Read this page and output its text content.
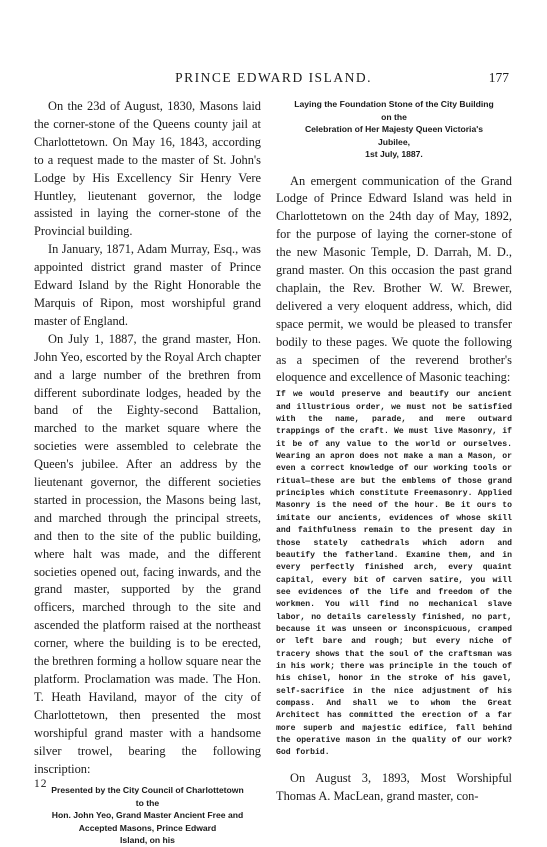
PRINCE EDWARD ISLAND.	177

On the 23d of August, 1830, Masons laid the corner-stone of the Queens county jail at Charlottetown. On May 16, 1843, according to a request made to the master of St. John's Lodge by His Excellency Sir Henry Vere Huntley, lieutenant governor, the lodge assisted in laying the corner-stone of the Provincial building.

In January, 1871, Adam Murray, Esq., was appointed district grand master of Prince Edward Island by the Right Honorable the Marquis of Ripon, most worshipful grand master of England.

On July 1, 1887, the grand master, Hon. John Yeo, escorted by the Royal Arch chapter and a large number of the brethren from different subordinate lodges, headed by the band of the Eighty-second Battalion, marched to the market square where the societies were assembled to celebrate the Queen's jubilee. After an address by the lieutenant governor, the different societies started in procession, the Masons being last, and marched through the principal streets, and then to the site of the public building, where halt was made, and the different societies opened out, facing inwards, and the grand master, supported by the grand officers, marched through to the site and ascended the platform raised at the northeast corner, where the building is to be erected, the brethren forming a hollow square near the platform. Proclamation was made. The Hon. T. Heath Haviland, mayor of the city of Charlottetown, then presented the most worshipful grand master with a handsome silver trowel, bearing the following inscription:

Presented by the City Council of Charlottetown
to the
Hon. John Yeo, Grand Master Ancient Free and
Accepted Masons, Prince Edward
Island, on his
Laying the Foundation Stone of the City Building
on the
Celebration of Her Majesty Queen Victoria's
Jubilee,
1st July, 1887.

An emergent communication of the Grand Lodge of Prince Edward Island was held in Charlottetown on the 24th day of May, 1892, for the purpose of laying the corner-stone of the new Masonic Temple, D. Darrah, M. D., grand master. On this occasion the past grand chaplain, the Rev. Brother W. W. Brewer, delivered a very eloquent address, which, did space permit, we would be pleased to transfer bodily to these pages. We quote the following as a specimen of the reverend brother's eloquence and excellence of Masonic teaching:

If we would preserve and beautify our ancient and illustrious order, we must not be satisfied with the name, parade, and mere outward trappings of the craft. We must live Masonry, if it be of any value to the world or ourselves. Wearing an apron does not make a man a Mason, or even a correct knowledge of our working tools or ritual—these are but the emblems of those grand principles which constitute Freemasonry. Applied Masonry is the need of the hour. Be it ours to imitate our ancients, evidences of whose skill and faithfulness remain to the present day in those stately cathedrals which adorn and beautify the fatherland. Examine them, and in every perfectly finished arch, every quaint capital, every bit of carven satire, you will see evidences of the life and freedom of the workmen. You will find no mechanical slave labor, no details carelessly finished, no part, because it was unseen or inconspicuous, cramped or left bare and rough; but every niche of tracery shows that the soul of the craftsman was in his work; there was principle in the touch of his chisel, honor in the stroke of his gavel, self-sacrifice in the nice adjustment of his compass. And shall we to whom the Great Architect has committed the erection of a far more superb and majestic edifice, fall behind the operative mason in the quality of our work? God forbid.

On August 3, 1893, Most Worshipful Thomas A. MacLean, grand master, con-

12
